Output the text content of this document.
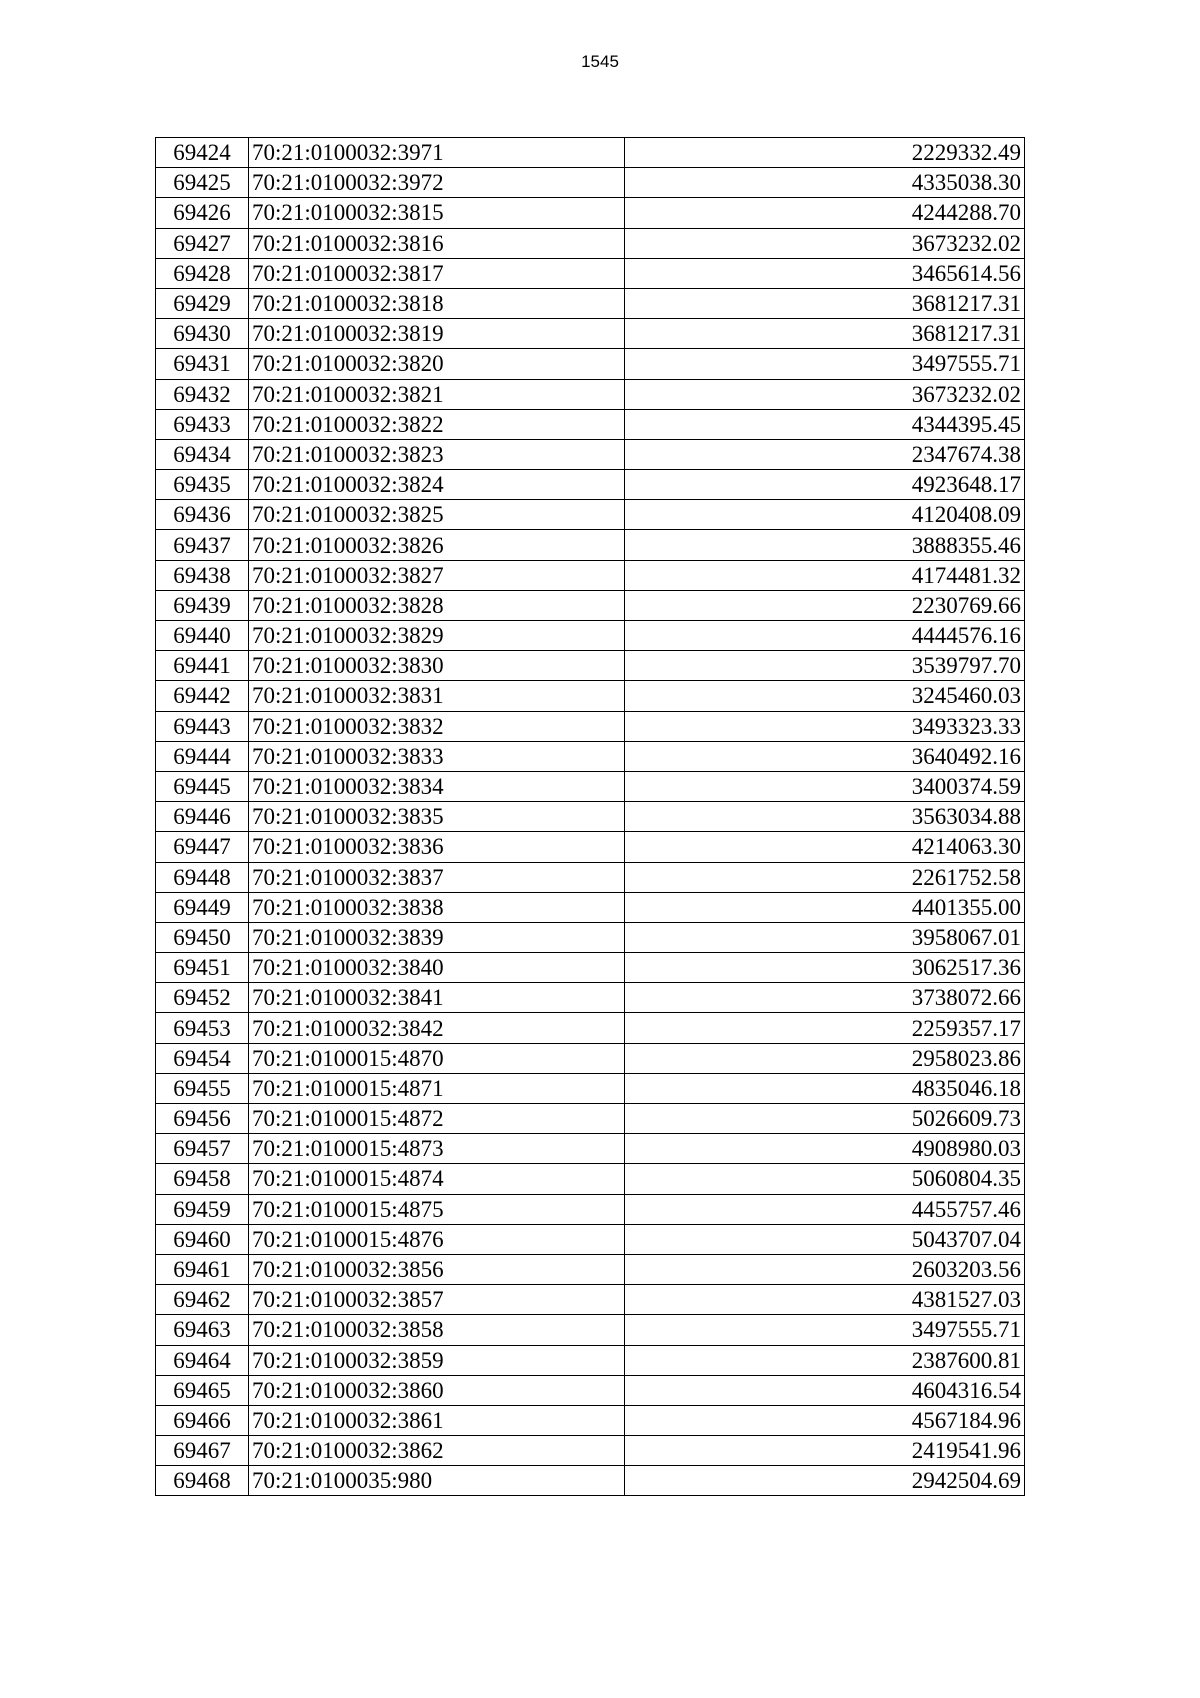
1545
69424	70:21:0100032:3971	2229332.49
69425	70:21:0100032:3972	4335038.30
69426	70:21:0100032:3815	4244288.70
69427	70:21:0100032:3816	3673232.02
69428	70:21:0100032:3817	3465614.56
69429	70:21:0100032:3818	3681217.31
69430	70:21:0100032:3819	3681217.31
69431	70:21:0100032:3820	3497555.71
69432	70:21:0100032:3821	3673232.02
69433	70:21:0100032:3822	4344395.45
69434	70:21:0100032:3823	2347674.38
69435	70:21:0100032:3824	4923648.17
69436	70:21:0100032:3825	4120408.09
69437	70:21:0100032:3826	3888355.46
69438	70:21:0100032:3827	4174481.32
69439	70:21:0100032:3828	2230769.66
69440	70:21:0100032:3829	4444576.16
69441	70:21:0100032:3830	3539797.70
69442	70:21:0100032:3831	3245460.03
69443	70:21:0100032:3832	3493323.33
69444	70:21:0100032:3833	3640492.16
69445	70:21:0100032:3834	3400374.59
69446	70:21:0100032:3835	3563034.88
69447	70:21:0100032:3836	4214063.30
69448	70:21:0100032:3837	2261752.58
69449	70:21:0100032:3838	4401355.00
69450	70:21:0100032:3839	3958067.01
69451	70:21:0100032:3840	3062517.36
69452	70:21:0100032:3841	3738072.66
69453	70:21:0100032:3842	2259357.17
69454	70:21:0100015:4870	2958023.86
69455	70:21:0100015:4871	4835046.18
69456	70:21:0100015:4872	5026609.73
69457	70:21:0100015:4873	4908980.03
69458	70:21:0100015:4874	5060804.35
69459	70:21:0100015:4875	4455757.46
69460	70:21:0100015:4876	5043707.04
69461	70:21:0100032:3856	2603203.56
69462	70:21:0100032:3857	4381527.03
69463	70:21:0100032:3858	3497555.71
69464	70:21:0100032:3859	2387600.81
69465	70:21:0100032:3860	4604316.54
69466	70:21:0100032:3861	4567184.96
69467	70:21:0100032:3862	2419541.96
69468	70:21:0100035:980	2942504.69
